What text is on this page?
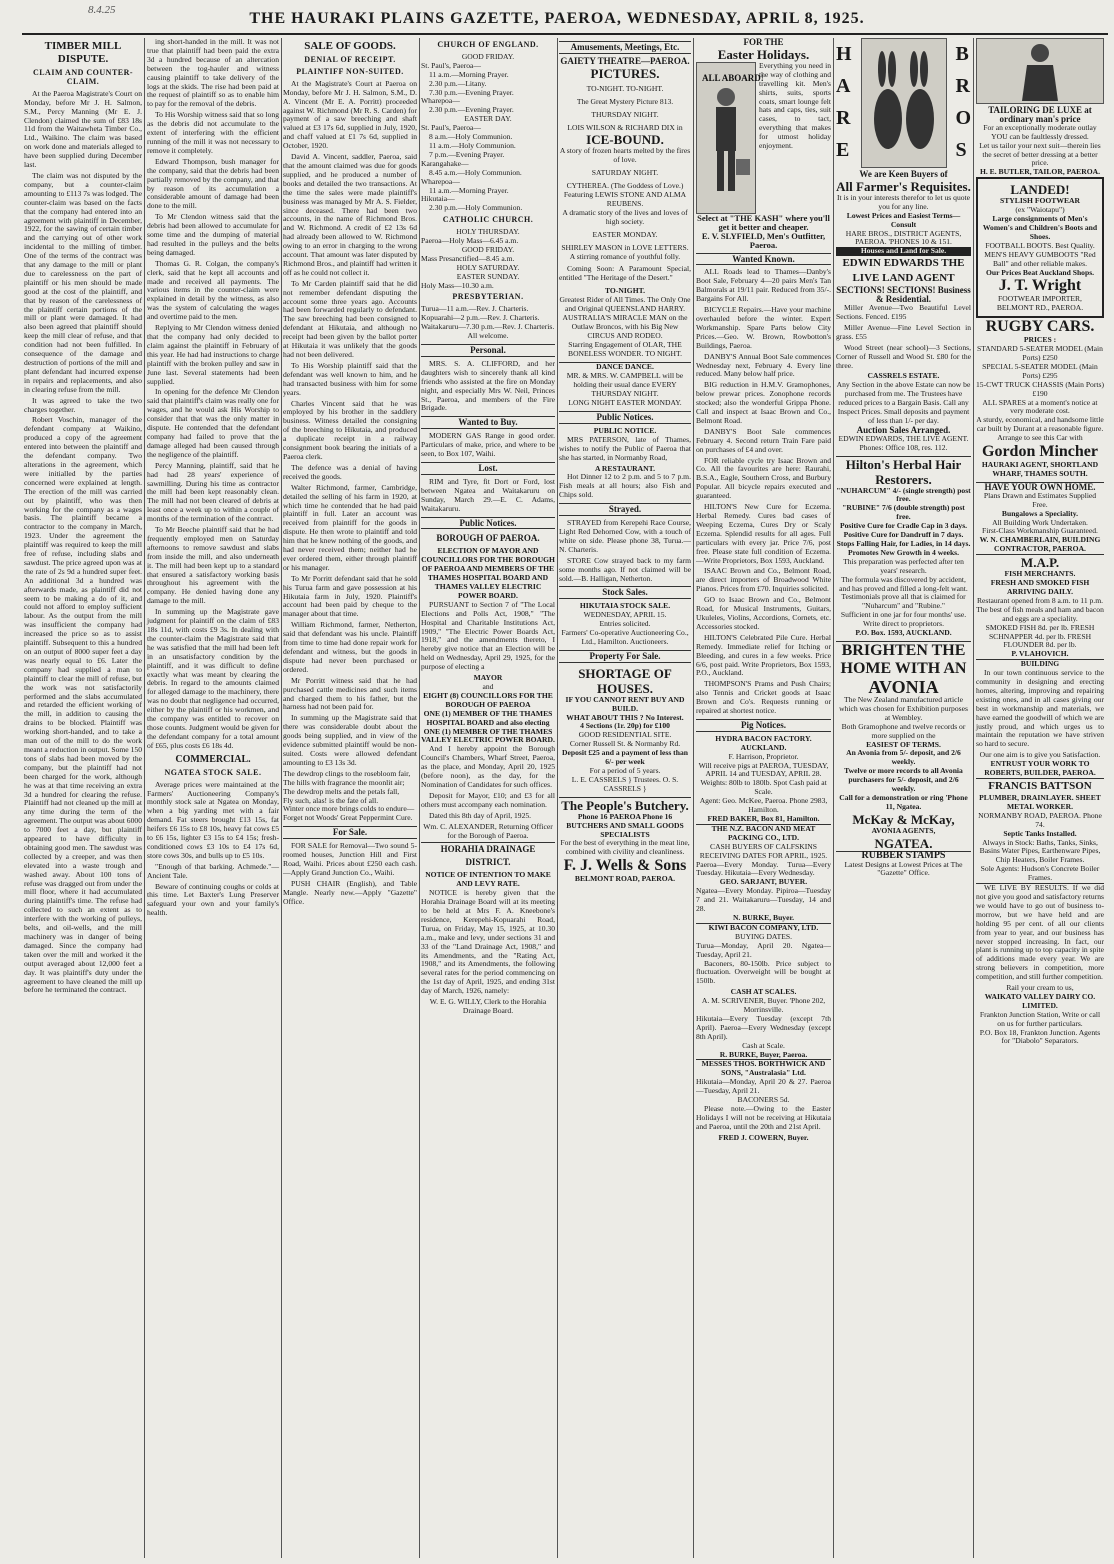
8.4.25	THE HAURAKI PLAINS GAZETTE, PAEROA, WEDNESDAY, APRIL 8, 1925.
TIMBER MILL DISPUTE.
CLAIM AND COUNTER-CLAIM.

At the Paeroa Magistrate's Court on Monday, before Mr J. H. Salmon, S.M., Percy Manning (Mr E. J. Clendon) claimed the sum of £83 18s 11d from the Waitawheta Timber Co., Ltd., Waikino. The claim was based on work done and materials alleged to have been supplied during December last.

The claim was not disputed by the company, but a counter-claim amounting to £113 7s was lodged. The counter-claim was based on the facts that the company had entered into an agreement with plaintiff in December, 1922, for the sawing of certain timber and the carrying out of other work incidental to the milling of timber. One of the terms of the contract was that any damage to the mill or plant due to carelessness on the part of plaintiff or his men should be made good at the cost of the plaintiff, and that by reason of the carelessness of the plaintiff certain portions of the mill or plant were damaged. It had also been agreed that plaintiff should keep the mill clear of refuse, and that condition had not been fulfilled. In consequence of the damage and destruction of portions of the mill and plant defendant had incurred expense in repairs and replacements, and also in clearing refuse from the mill.

It was agreed to take the two charges together.

Robert Voschin, manager of the defendant company at Waikino, produced a copy of the agreement entered into between the plaintiff and the defendant company. Two alterations in the agreement, which were initialled by the parties concerned were explained at length. The erection of the mill was carried out by plaintiff, who was then working for the company as a wages basis. The plaintiff became a contractor to the company in March, 1923. Under the agreement the plaintiff was required to keep the mill free of refuse, including slabs and sawdust. The price agreed upon was at the rate of 2s 9d a hundred super feet. An additional 3d a hundred was afterwards made, as plaintiff did not seem to be making a do of it, and could not afford to employ sufficient labour. As the output from the mill was insufficient the company had increased the price so as to assist plaintiff. Subsequent to this a hundred on an output of 8000 super feet a day was nearly equal to £6. Later the company had supplied a man to plaintiff to clear the mill of refuse, but the work was not satisfactorily performed and the slabs accumulated and retarded the efficient working of the mill, in addition to causing the drains to be blocked. Plaintiff was working short-handed, and to take a man out of the mill to do the work meant a reduction in output. Some 150 tons of slabs had been moved by the company, but the plaintiff had not been charged for the work, although he was at that time receiving an extra 3d a hundred for clearing the refuse. Plaintiff had not cleaned up the mill at any time during the term of the agreement. The output was about 6000 to 7000 feet a day, but plaintiff appeared to have difficulty in obtaining good men. The sawdust was collected by a creeper, and was then elevated into a waste trough and washed away. About 100 tons of refuse was dragged out from under the mill floor, where it had accumulated during plaintiff's time. The refuse had collected to such an extent as to interfere with the working of pulleys, belts, and oil-wells, and the mill machinery was in danger of being damaged. Since the company had taken over the mill and worked it the output averaged about 12,000 feet a day. It was plaintiff's duty under the agreement to have cleaned the mill up before he terminated the contract.

ing short-handed in the mill. It was not true that plaintiff had been paid the extra 3d a hundred because of an altercation between the tog-hauler and witness causing plaintiff to take delivery of the logs at the skids. The rise had been paid at the request of plaintiff so as to enable him to pay for the removal of the debris.

To His Worship witness said that so long as the debris did not accumulate to the extent of interfering with the efficient running of the mill it was not necessary to remove it completely.

Edward Thompson, bush manager for the company, said that the debris had been partially removed by the company, and that by reason of its accumulation a considerable amount of damage had been done to the mill.

To Mr Clendon witness said that the debris had been allowed to accumulate for some time and the dumping of material had resulted in the pulleys and the belts being damaged.

Thomas G. R. Colgan, the company's clerk, said that he kept all accounts and made and received all payments. The various items in the counter-claim were explained in detail by the witness, as also was the system of calculating the wages and overtime paid to the men.

Replying to Mr Clendon witness denied that the company had only decided to claim against the plaintiff in February of this year. He had had instructions to charge plaintiff with the broken pulley and saw in June last. Several statements had been supplied.

In opening for the defence Mr Clendon said that plaintiff's claim was really one for wages, and he would ask His Worship to consider that that was the only matter in dispute. He contended that the defendant company had failed to prove that the damage alleged had been caused through the negligence of the plaintiff.

Percy Manning, plaintiff, said that he had had 28 years' experience of sawmilling. During his time as contractor the mill had been kept reasonably clean. The mill had not been cleared of debris at least once a week up to within a couple of months of the termination of the contract.

To Mr Beeche plaintiff said that he had frequently employed men on Saturday afternoons to remove sawdust and slabs from inside the mill, and also underneath it. The mill had been kept up to a standard that ensured a satisfactory working basis throughout his agreement with the company. He denied having done any damage to the mill.

In summing up the Magistrate gave judgment for plaintiff on the claim of £83 18s 11d, with costs £9 3s. In dealing with the counter-claim the Magistrate said that he was satisfied that the mill had been left in an unsatisfactory condition by the plaintiff, and it was difficult to define exactly what was meant by clearing the debris. In regard to the amounts claimed for alleged damage to the machinery, there was no doubt that negligence had occurred, either by the plaintiff or his workmen, and the company was entitled to recover on those counts. Judgment would be given for the defendant company for a total amount of £65, plus costs £6 18s 4d.

COMMERCIAL.
NGATEA STOCK SALE.

Average prices were maintained at the Farmers' Auctioneering Company's monthly stock sale at Ngatea on Monday, when a big yarding met with a fair demand. Fat steers brought £13 15s, fat heifers £6 15s to £8 10s, heavy fat cows £5 to £6 15s, lighter £3 15s to £4 15s; fresh-conditioned cows £3 10s to £4 17s 6d, store cows 30s, and bulls up to £5 10s.

"Enough of that barking. Achmede."—Ancient Tale.

Beware of continuing coughs or colds at this time. Let Baxter's Lung Preserver safeguard your own and your family's health.

SALE OF GOODS.
DENIAL OF RECEIPT.
PLAINTIFF NON-SUITED.

At the Magistrate's Court at Paeroa on Monday, before Mr J. H. Salmon, S.M., D. A. Vincent (Mr E. A. Porritt) proceeded against W. Richmond (Mr R. S. Carden) for payment of a saw breeching and shaft valued at £3 17s 6d, supplied in July, 1920, and chaff valued at £1 7s 6d, supplied in October, 1920.

David A. Vincent, saddler, Paeroa, said that the amount claimed was due for goods supplied, and he produced a number of books and detailed the two transactions. At the time the sales were made plaintiff's business was managed by Mr A. S. Fielder, since deceased. There had been two accounts, in the name of Richmond Bros. and W. Richmond. A credit of £2 13s 6d had already been allowed to W. Richmond owing to an error in charging to the wrong account. That amount was later disputed by Richmond Bros., and plaintiff had written it off as he could not collect it.

To Mr Carden plaintiff said that he did not remember defendant disputing the account some three years ago. Accounts had been forwarded regularly to defendant. The saw breeching had been consigned to defendant at Hikutaia, and although no receipt had been given by the ballot porter at Hikutaia it was unlikely that the goods had not been delivered.

To His Worship plaintiff said that the defendant was well known to him, and he had transacted business with him for some years.

Charles Vincent said that he was employed by his brother in the saddlery business. Witness detailed the consigning of the breeching to Hikutaia, and produced a duplicate receipt in a railway consignment book bearing the initials of a Paeroa clerk.

The defence was a denial of having received the goods.

Walter Richmond, farmer, Cambridge, detailed the selling of his farm in 1920, at which time he contended that he had paid plaintiff in full. Later an account was received from plaintiff for the goods in dispute. He then wrote to plaintiff and told him that he knew nothing of the goods, and had never received them; neither had he ever ordered them, either through plaintiff or his manager.

To Mr Porritt defendant said that he sold his Turua farm and gave possession at his Hikutaia farm in July, 1920. Plaintiff's account had been paid by cheque to the manager about that time.

William Richmond, farmer, Netherton, said that defendant was his uncle. Plaintiff from time to time had done repair work for defendant and witness, but the goods in dispute had never been purchased or ordered.

Mr Porritt witness said that he had purchased cattle medicines and such items and charged them to his father, but the harness had not been paid for.

In summing up the Magistrate said that there was considerable doubt about the goods being supplied, and in view of the evidence submitted plaintiff would be non-suited. Costs were allowed defendant amounting to £3 13s 3d.

The dewdrop clings to the rosebloom fair,
The hills with fragrance the moonlit air;
The dewdrop melts and the petals fall,
Fly such, alas! is the fate of all.
Winter once more brings colds to endure—
Forget not Woods' Great Peppermint Cure.

For Sale.

FOR SALE for Removal—Two sound 5-roomed houses, Junction Hill and First Road, Waihi. Prices about £250 each cash.—Apply Grand Junction Co., Waihi.

PUSH CHAIR (English), and Table Mangle. Nearly new.—Apply "Gazette" Office.

CHURCH OF ENGLAND.
GOOD FRIDAY.
St. Paul's, Paeroa—
11 a.m.—Morning Prayer.
2.30 p.m.—Litany.
7.30 p.m.—Evening Prayer.
Wharepoa—
2.30 p.m.—Evening Prayer.
EASTER DAY.
St. Paul's, Paeroa—
8 a.m.—Holy Communion.
11 a.m.—Holy Communion.
7 p.m.—Evening Prayer.
Karangahake—
8.45 a.m.—Holy Communion.
Wharepoa—
11 a.m.—Morning Prayer.
Hikutaia—
2.30 p.m.—Holy Communion.
CATHOLIC CHURCH.
HOLY THURSDAY.
Paeroa—Holy Mass—6.45 a.m.
GOOD FRIDAY.
Mass Presanctified—8.45 a.m.
HOLY SATURDAY.
EASTER SUNDAY.
Holy Mass—10.30 a.m.
PRESBYTERIAN.
Turua—11 a.m.—Rev. J. Charteris.
Kopuarahi—2 p.m.—Rev. J. Charteris.
Waitakaruru—7.30 p.m.—Rev. J. Charteris.
All welcome.
Personal.

MRS. S. A. CLIFFORD, and her daughters wish to sincerely thank all kind friends who assisted at the fire on Monday night, and especially Mrs W. Neil, Princes St., Paeroa, and members of the Fire Brigade.

Wanted to Buy.

MODERN GAS Range in good order. Particulars of make, price, and where to be seen, to Box 107, Waihi.

Lost.

RIM and Tyre, fit Dort or Ford, lost between Ngatea and Waitakaruru on Sunday, March 29.—E. C. Adams, Waitakaruru.

Public Notices.
BOROUGH OF PAEROA.
ELECTION OF MAYOR AND COUNCILLORS FOR THE BOROUGH OF PAEROA AND MEMBERS OF THE THAMES HOSPITAL BOARD AND THAMES VALLEY ELECTRIC POWER BOARD.

PURSUANT to Section 7 of "The Local Elections and Polls Act, 1908," "The Hospital and Charitable Institutions Act, 1909," "The Electric Power Boards Act, 1918," and the amendments thereto, I hereby give notice that an Election will be held on Wednesday, April 29, 1925, for the purpose of electing a

MAYOR
and
EIGHT (8) COUNCILLORS FOR THE BOROUGH OF PAEROA
ONE (1) MEMBER OF THE THAMES HOSPITAL BOARD and also electing
ONE (1) MEMBER OF THE THAMES VALLEY ELECTRIC POWER BOARD.

And I hereby appoint the Borough Council's Chambers, Wharf Street, Paeroa, as the place, and Monday, April 20, 1925 (before noon), as the day, for the Nomination of Candidates for such offices.

Deposit for Mayor, £10; and £3 for all others must accompany each nomination.

Dated this 8th day of April, 1925.

Wm. C. ALEXANDER, Returning Officer for the Borough of Paeroa.
HORAHIA DRAINAGE DISTRICT.
NOTICE OF INTENTION TO MAKE AND LEVY RATE.

NOTICE is hereby given that the Horahia Drainage Board will at its meeting to be held at Mrs F. A. Kneebone's residence, Kerepehi-Kopuarahi Road, Turua, on Friday, May 15, 1925, at 10.30 a.m., make and levy, under sections 31 and 33 of the "Land Drainage Act, 1908," and its Amendments, and the "Rating Act, 1908," and its Amendments, the following several rates for the period commencing on the 1st day of April, 1925, and ending 31st day of March, 1926, namely:

W. E. G. WILLY, Clerk to the Horahia Drainage Board.
Amusements, Meetings, Etc.
GAIETY THEATRE—PAEROA.
PICTURES.
TO-NIGHT. TO-NIGHT.
The Great Mystery Picture 813.
THURSDAY NIGHT.
LOIS WILSON & RICHARD DIX in
ICE-BOUND.
A story of frozen hearts melted by the fires of love.
SATURDAY NIGHT.
CYTHEREA. (The Goddess of Love.) Featuring LEWIS STONE AND ALMA REUBENS.
A dramatic story of the lives and loves of high society.
EASTER MONDAY.
SHIRLEY MASON in LOVE LETTERS.
A stirring romance of youthful folly.

Coming Soon: A Paramount Special, entitled "The Heritage of the Desert."

TO-NIGHT.
Greatest Rider of All Times. The Only One and Original QUEENSLAND HARRY.
AUSTRALIA'S MIRACLE MAN on the Outlaw Broncos, with his Big New CIRCUS AND RODEO.
Starring Engagement of OLAR, THE BONELESS WONDER. TO NIGHT.
DANCE DANCE.
MR. & MRS. W. CAMPBELL will be holding their usual dance EVERY THURSDAY NIGHT.
LONG NIGHT EASTER MONDAY.
Public Notices.
PUBLIC NOTICE.

MRS PATERSON, late of Thames, wishes to notify the Public of Paeroa that she has started, in Normanby Road,

A RESTAURANT.

Hot Dinner 12 to 2 p.m. and 5 to 7 p.m. Fish meals at all hours; also Fish and Chips sold.

Strayed.

STRAYED from Kerepehi Race Course, Light Red Dehorned Cow, with a touch of white on side. Please phone 38, Turua.—N. Charteris.

STORE Cow strayed back to my farm some months ago. If not claimed will be sold.—B. Halligan, Netherton.

Stock Sales.
HIKUTAIA STOCK SALE.
WEDNESDAY, APRIL 15.
Entries solicited.
Farmers' Co-operative Auctioneering Co., Ltd., Hamilton. Auctioneers.
Property For Sale.
SHORTAGE OF HOUSES.
IF YOU CANNOT RENT BUY AND BUILD.
WHAT ABOUT THIS ? No Interest.
4 Sections (1r. 20p) for £100
GOOD RESIDENTIAL SITE.
Corner Russell St. & Normanby Rd.
Deposit £25 and a payment of less than 6/- per week
For a period of 5 years.
L. E. CASSRELS } Trustees. O. S. CASSRELS }
The People's Butchery.
Phone 16 PAEROA Phone 16
BUTCHERS AND SMALL GOODS SPECIALISTS
For the best of everything in the meat line, combined with civility and cleanliness.
F. J. Wells & Sons
BELMONT ROAD, PAEROA.
FOR THE
Easter Holidays.
ALL ABOARD!
Everything you need in the way of clothing and travelling kit. Men's shirts, suits, sports coats, smart lounge felt hats and caps, ties, suit cases, to tact, everything that makes for utmost holiday enjoyment.
Select at "THE KASH" where you'll get it better and cheaper.
E. V. SLYFIELD, Men's Outfitter, Paeroa.
Wanted Known.

ALL Roads lead to Thames—Danby's Boot Sale, February 4—20 pairs Men's Tan Balmorals at 19/11 pair. Reduced from 35/-. Bargains For All.

BICYCLE Repairs.—Have your machine overhauled before the winter. Expert Workmanship. Spare Parts below City Prices.—Geo. W. Brown, Rowbotton's Buildings, Paeroa.

DANBY'S Annual Boot Sale commences Wednesday next, February 4. Every line reduced. Many below half price.

BIG reduction in H.M.V. Gramophones, below prewar prices. Zonophone records stocked; also the wonderful Grippa Phone. Call and inspect at Isaac Brown and Co., Belmont Road.

DANBY'S Boot Sale commences February 4. Second return Train Fare paid on purchases of £4 and over.

FOR reliable cycle try Isaac Brown and Co. All the favourites are here: Raurahi, B.S.A., Eagle, Southern Cross, and Burbury Popular. All bicycle repairs executed and guaranteed.

HILTON'S New Cure for Eczema. Herbal Remedy. Cures bad cases of Weeping Eczema, Cures Dry or Scaly Eczema. Splendid results for all ages. Full particulars with every jar. Price 7/6, post free. Please state full condition of Eczema.—Write Proprietors, Box 1593, Auckland.

ISAAC Brown and Co., Belmont Road, are direct importers of Broadwood White Pianos. Prices from £70. Inquiries solicited.

GO to Isaac Brown and Co., Belmont Road, for Musical Instruments, Guitars, Ukuleles, Violins, Accordions, Cornets, etc. Accessories stocked.

HILTON'S Celebrated Pile Cure. Herbal Remedy. Immediate relief for Itching or Bleeding, and cures in a few weeks. Price 6/6, post paid. Write Proprietors, Box 1593, P.O., Auckland.

THOMPSON'S Prams and Push Chairs; also Tennis and Cricket goods at Isaac Brown and Co's. Requests running or repaired at shortest notice.

Pig Notices.
HYDRA BACON FACTORY. AUCKLAND.
F. Harrison, Proprietor.
Will receive pigs at PAEROA, TUESDAY, APRIL 14 and TUESDAY, APRIL 28.
Weights: 80lb to 180lb. Spot Cash paid at Scale.
Agent: Geo. McKee, Paeroa. Phone 2983, Hamilton.
FRED BAKER, Box 81, Hamilton.
THE N.Z. BACON AND MEAT PACKING CO., LTD.
CASH BUYERS OF CALFSKINS
RECEIVING DATES FOR APRIL, 1925.
Paeroa—Every Monday. Turua—Every Tuesday. Hikutaia—Every Wednesday.
GEO. SARJANT, BUYER.
Ngatea—Every Monday. Pipiroa—Tuesday 7 and 21. Waitakaruru—Tuesday, 14 and 28.
N. BURKE, Buyer.
KIWI BACON COMPANY, LTD.
BUYING DATES.
Turua—Monday, April 20. Ngatea—Tuesday, April 21.

Baconers, 80-150lb. Price subject to fluctuation. Overweight will be bought at 150lb.

CASH AT SCALES.
A. M. SCRIVENER, Buyer. 'Phone 202, Morrinsville.
Hikutaia—Every Tuesday (except 7th April). Paeroa—Every Wednesday (except 8th April).
Cash at Scale.
R. BURKE, Buyer, Paeroa.
MESSES THOS. BORTHWICK AND SONS, "Australasia" Ltd.
Hikutaia—Monday, April 20 & 27. Paeroa—Tuesday, April 21.
BACONERS 5d.

Please note.—Owing to the Easter Holidays I will not be receiving at Hikutaia and Paeroa, until the 20th and 21st April.

FRED J. COWERN, Buyer.
H
A
R
E
B
R
O
S
We are Keen Buyers of
All Farmer's Requisites.
It is in your interests therefor to let us quote you for any line.
Lowest Prices and Easiest Terms—Consult
HARE BROS., DISTRICT AGENTS, PAEROA. 'PHONES 10 & 151.
Houses and Land for Sale.
EDWIN EDWARDS THE LIVE LAND AGENT
SECTIONS! SECTIONS! Business & Residential.

Miller Avenue—Two Beautiful Level Sections. Fenced. £195

Miller Avenue—Fine Level Section in grass. £55

Wood Street (near school)—3 Sections, Corner of Russell and Wood St. £80 for the three.

CASSRELS ESTATE.
Any Section in the above Estate can now be purchased from me. The Trustees have reduced prices to a Bargain Basis. Call any Inspect Prices. Small deposits and payment of less than 1/- per day.
Auction Sales Arranged.
EDWIN EDWARDS, THE LIVE AGENT. Phones: Office 108, res. 112.
Hilton's Herbal Hair Restorers.
"NUHARCUM" 4/- (single strength) post free.
"RUBINE" 7/6 (double strength) post free.
Positive Cure for Cradle Cap in 3 days.
Positive Cure for Dandruff in 7 days.
Stops Falling Hair, for Ladies, in 14 days.
Promotes New Growth in 4 weeks.
This preparation was perfected after ten years' research.
The formula was discovered by accident, and has proved and filled a long-felt want. Testimonials prove all that is claimed for "Nuharcum" and "Rubine."
Sufficient in one jar for four months' use.
Write direct to proprietors.
P.O. Box. 1593, AUCKLAND.
BRIGHTEN THE HOME WITH AN
AVONIA
The New Zealand manufactured article which was chosen for Exhibition purposes at Wembley.
Both Gramophone and twelve records or more supplied on the
EASIEST OF TERMS.
An Avonia from 5/- deposit, and 2/6 weekly.
Twelve or more records to all Avonia purchasers for 5/- deposit, and 2/6 weekly.
Call for a demonstration or ring 'Phone 11, Ngatea.
McKay & McKay,
AVONIA AGENTS,
NGATEA.
RUBBER STAMPS
Latest Designs at Lowest Prices at The "Gazette" Office.
TAILORING DE LUXE at ordinary man's price
For an exceptionally moderate outlay YOU can be faultlessly dressed.
Let us tailor your next suit—therein lies the secret of better dressing at a better price.
H. E. BUTLER, TAILOR, PAEROA.
LANDED!
STYLISH FOOTWEAR
(ex "Waiotapu")
Large consignments of Men's Women's and Children's Boots and Shoes.
FOOTBALL BOOTS. Best Quality.
MEN'S HEAVY GUMBOOTS "Red Ball" and other reliable makes.
Our Prices Beat Auckland Shops.
J. T. Wright
FOOTWEAR IMPORTER, BELMONT RD., PAEROA.
RUGBY CARS.
PRICES :
STANDARD 5-SEATER MODEL (Main Ports) £250
SPECIAL 5-SEATER MODEL (Main Ports) £295
15-CWT TRUCK CHASSIS (Main Ports) £190
ALL SPARES at a moment's notice at very moderate cost.
A sturdy, economical, and handsome little car built by Durant at a reasonable figure.
Arrange to see this Car with
Gordon Mincher
HAURAKI AGENT, SHORTLAND WHARF, THAMES SOUTH.
HAVE YOUR OWN HOME.
Plans Drawn and Estimates Supplied Free.
Bungalows a Speciality.
All Building Work Undertaken.
First-Class Workmanship Guaranteed.
W. N. CHAMBERLAIN, BUILDING CONTRACTOR, PAEROA.
M.A.P.
FISH MERCHANTS.
FRESH AND SMOKED FISH ARRIVING DAILY.
Restaurant opened from 8 a.m. to 11 p.m. The best of fish meals and ham and bacon and eggs are a speciality.
SMOKED FISH 8d. per lb. FRESH SCHNAPPER 4d. per lb. FRESH FLOUNDER 8d. per lb.
P. VLAHOVICH.
BUILDING

In our town continuous service to the community in designing and erecting homes, altering, improving and repairing existing ones, and in all cases giving our best in workmanship and materials, we have earned the goodwill of which we are justly proud, and which urges us to maintain the reputation we have striven so hard to secure.

Our one aim is to give you Satisfaction.
ENTRUST YOUR WORK TO ROBERTS, BUILDER, PAEROA.
FRANCIS BATTSON
PLUMBER, DRAINLAYER. SHEET METAL WORKER.
NORMANBY ROAD, PAEROA. Phone 74.
Septic Tanks Installed.
Always in Stock: Baths, Tanks, Sinks, Basins Water Pipes, Earthenware Pipes, Chip Heaters, Boiler Frames.
Sole Agents: Hudson's Concrete Boiler Frames.

WE LIVE BY RESULTS. If we did not give you good and satisfactory returns we would have to go out of business to-morrow, but we have held and are holding 95 per cent. of all our clients from year to year, and our business has never stopped increasing. In fact, our plant is running up to top capacity in spite of additions made every year. We are strong believers in competition, more competition, and still further competition.

Rail your cream to us,
WAIKATO VALLEY DAIRY CO. LIMITED.
Frankton Junction Station, Write or call on us for further particulars.
P.O. Box 18, Frankton Junction. Agents for "Diabolo" Separators.
